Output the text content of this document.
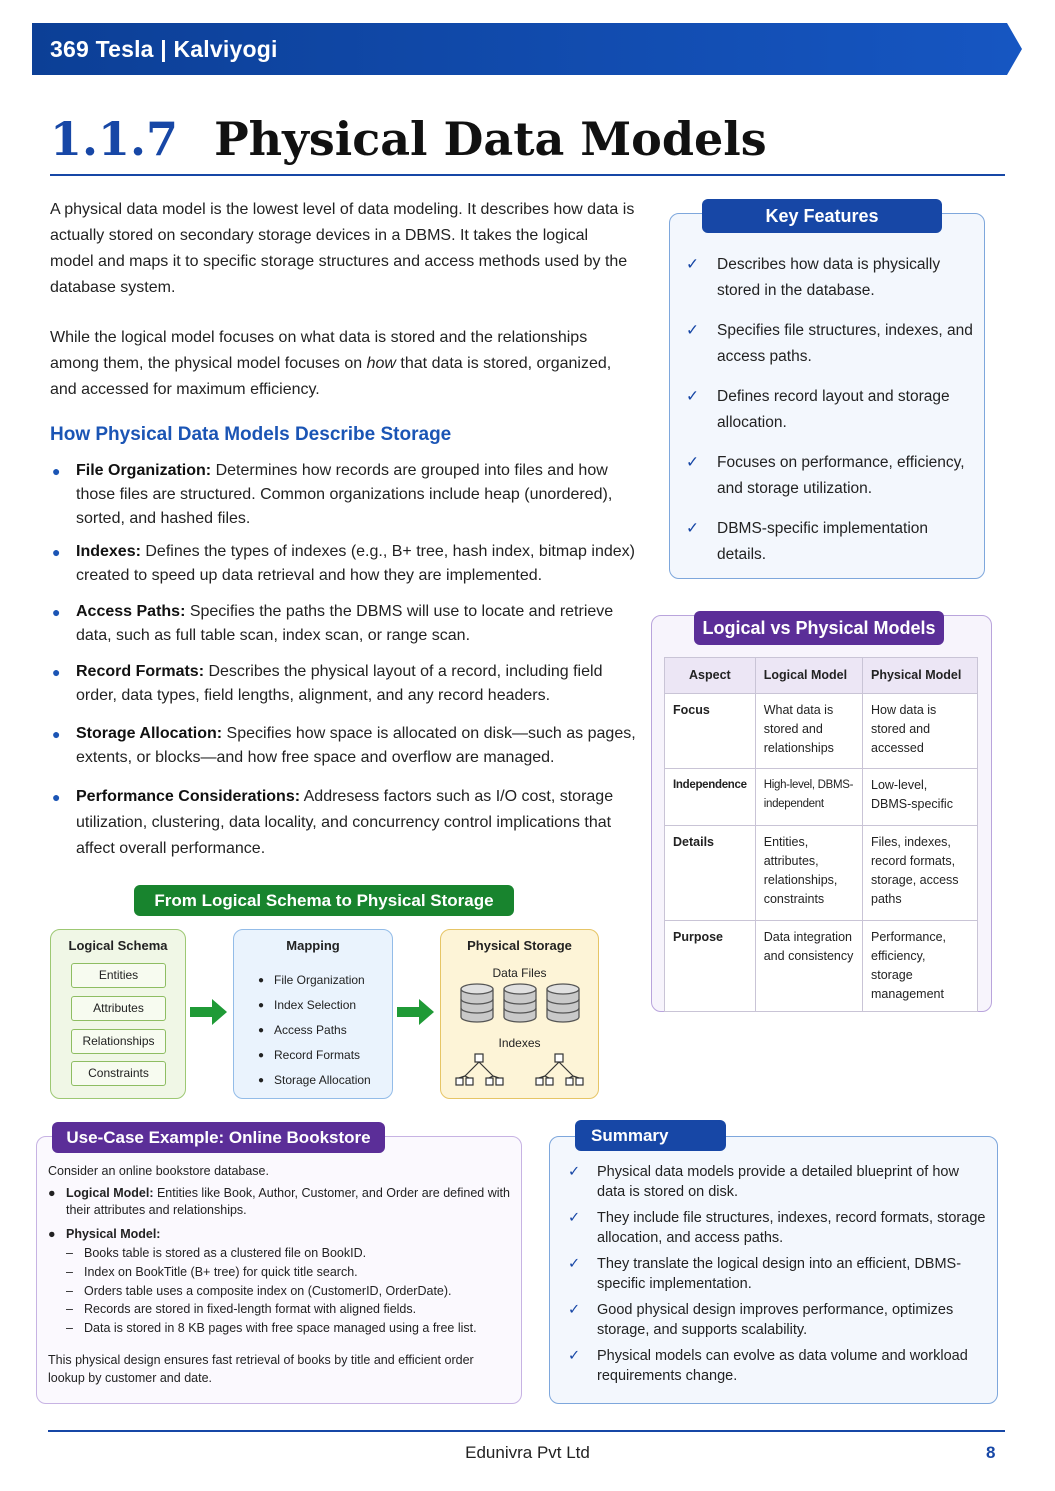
369 Tesla | Kalviyogi
1.1.7 Physical Data Models

A physical data model is the lowest level of data modeling. It describes how data is actually stored on secondary storage devices in a DBMS. It takes the logical model and maps it to specific storage structures and access methods used by the database system.

While the logical model focuses on what data is stored and the relationships among them, the physical model focuses on how that data is stored, organized, and accessed for maximum efficiency.

How Physical Data Models Describe Storage
● File Organization: Determines how records are grouped into files and how those files are structured. Common organizations include heap (unordered), sorted, and hashed files.
● Indexes: Defines the types of indexes (e.g., B+ tree, hash index, bitmap index) created to speed up data retrieval and how they are implemented.
● Access Paths: Specifies the paths the DBMS will use to locate and retrieve data, such as full table scan, index scan, or range scan.
● Record Formats: Describes the physical layout of a record, including field order, data types, field lengths, alignment, and any record headers.
● Storage Allocation: Specifies how space is allocated on disk—such as pages, extents, or blocks—and how free space and overflow are managed.
● Performance Considerations: Addresess factors such as I/O cost, storage utilization, clustering, data locality, and concurrency control implications that affect overall performance.
Key Features
✓ Describes how data is physically stored in the database.
✓ Specifies file structures, indexes, and access paths.
✓ Defines record layout and storage allocation.
✓ Focuses on performance, efficiency, and storage utilization.
✓ DBMS-specific implementation details.
Logical vs Physical Models
Aspect	Logical Model	Physical Model
Focus	What data is stored and relationships	How data is stored and accessed
Independence	High-level, DBMS-independent	Low-level, DBMS-specific
Details	Entities, attributes, relationships, constraints	Files, indexes, record formats, storage, access paths
Purpose	Data integration and consistency	Performance, efficiency, storage management
From Logical Schema to Physical Storage
Logical Schema
Entities
Attributes
Relationships
Constraints
Mapping
● File Organization
● Index Selection
● Access Paths
● Record Formats
● Storage Allocation
Physical Storage
Data Files
Indexes
Use-Case Example: Online Bookstore
Consider an online bookstore database.
● Logical Model: Entities like Book, Author, Customer, and Order are defined with their attributes and relationships.
● Physical Model:
– Books table is stored as a clustered file on BookID.
– Index on BookTitle (B+ tree) for quick title search.
– Orders table uses a composite index on (CustomerID, OrderDate).
– Records are stored in fixed-length format with aligned fields.
– Data is stored in 8 KB pages with free space managed using a free list.
This physical design ensures fast retrieval of books by title and efficient order lookup by customer and date.
Summary
✓ Physical data models provide a detailed blueprint of how data is stored on disk.
✓ They include file structures, indexes, record formats, storage allocation, and access paths.
✓ They translate the logical design into an efficient, DBMS-specific implementation.
✓ Good physical design improves performance, optimizes storage, and supports scalability.
✓ Physical models can evolve as data volume and workload requirements change.
Edunivra Pvt Ltd	8
